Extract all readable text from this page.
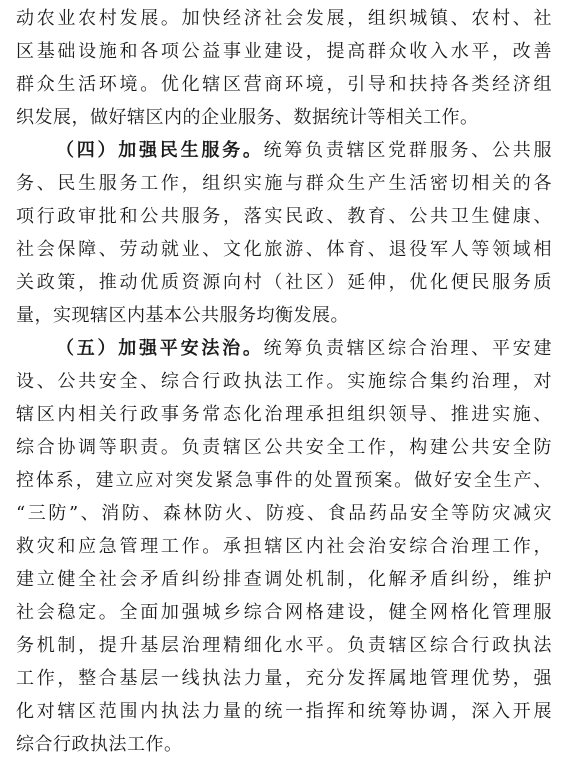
动农业农村发展。加快经济社会发展，组织城镇、农村、社
区基础设施和各项公益事业建设，提高群众收入水平，改善
群众生活环境。优化辖区营商环境，引导和扶持各类经济组
织发展，做好辖区内的企业服务、数据统计等相关工作。
（四）加强民生服务。统筹负责辖区党群服务、公共服
务、民生服务工作，组织实施与群众生产生活密切相关的各
项行政审批和公共服务，落实民政、教育、公共卫生健康、
社会保障、劳动就业、文化旅游、体育、退役军人等领域相
关政策，推动优质资源向村（社区）延伸，优化便民服务质
量，实现辖区内基本公共服务均衡发展。
（五）加强平安法治。统筹负责辖区综合治理、平安建
设、公共安全、综合行政执法工作。实施综合集约治理，对
辖区内相关行政事务常态化治理承担组织领导、推进实施、
综合协调等职责。负责辖区公共安全工作，构建公共安全防
控体系，建立应对突发紧急事件的处置预案。做好安全生产、
“三防”、消防、森林防火、防疫、食品药品安全等防灾减灾
救灾和应急管理工作。承担辖区内社会治安综合治理工作，
建立健全社会矛盾纠纷排查调处机制，化解矛盾纠纷，维护
社会稳定。全面加强城乡综合网格建设，健全网格化管理服
务机制，提升基层治理精细化水平。负责辖区综合行政执法
工作，整合基层一线执法力量，充分发挥属地管理优势，强
化对辖区范围内执法力量的统一指挥和统筹协调，深入开展
综合行政执法工作。
